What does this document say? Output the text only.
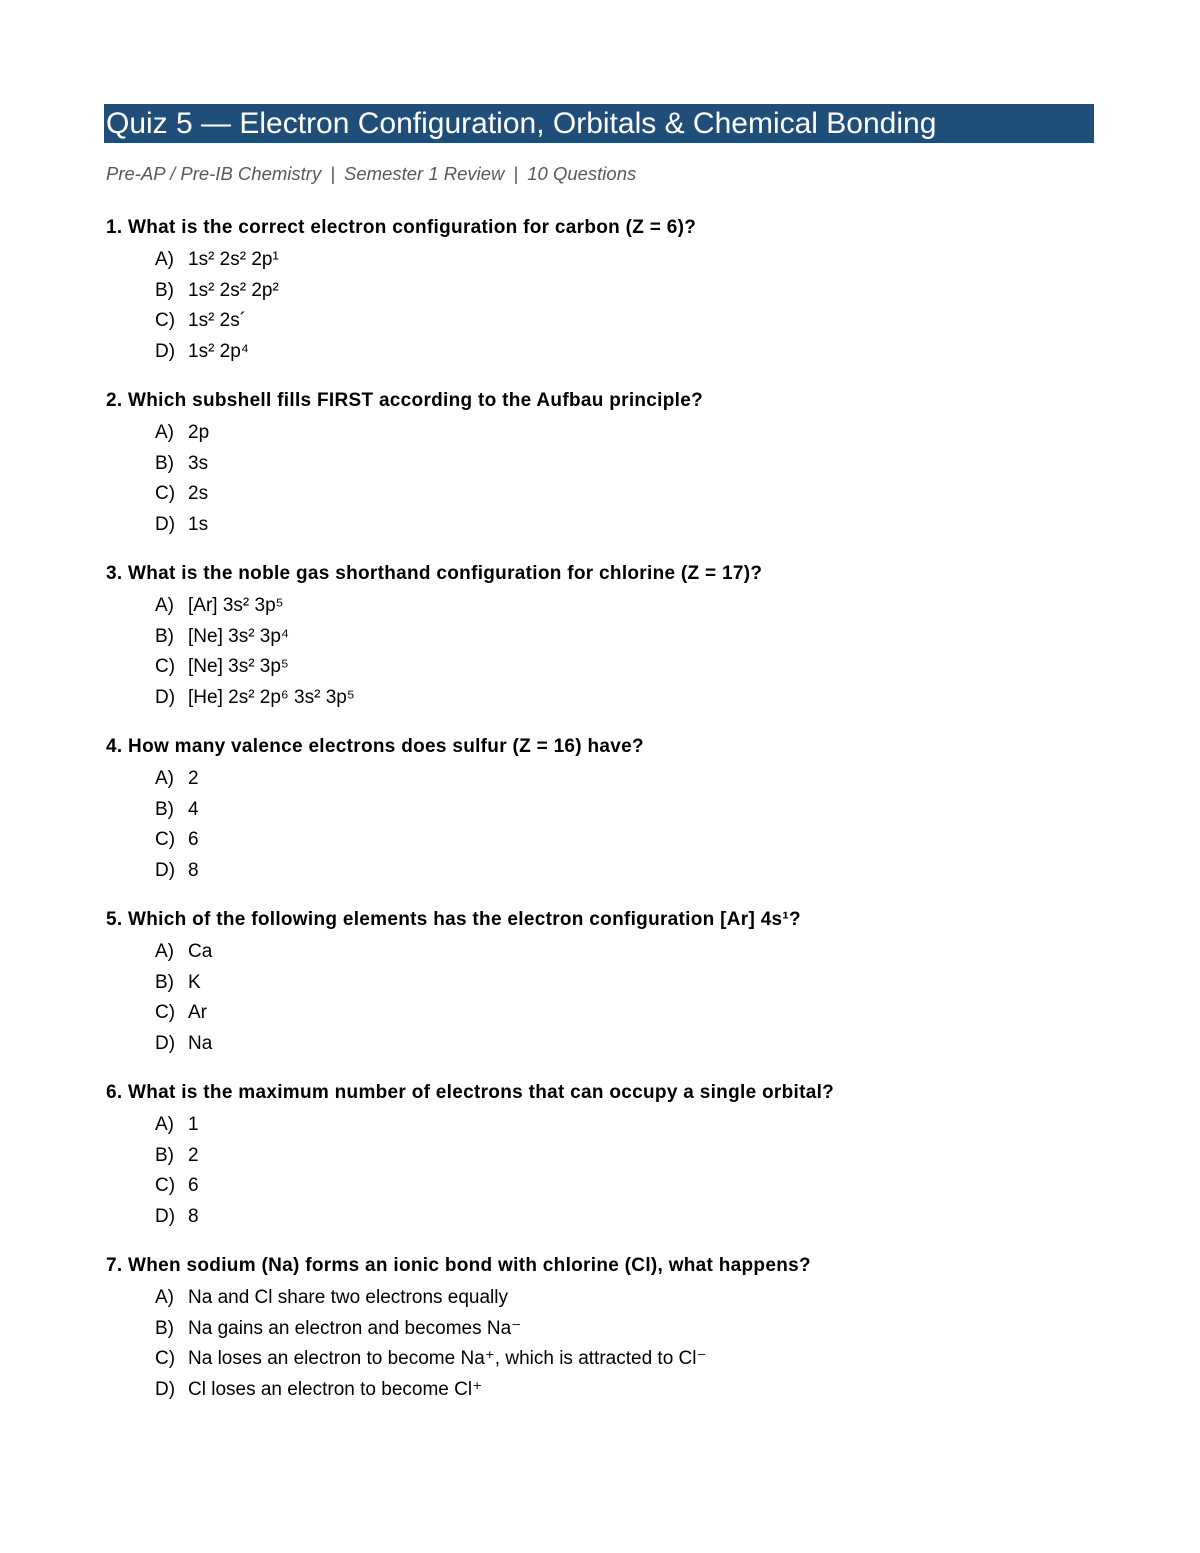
Quiz 5 — Electron Configuration, Orbitals & Chemical Bonding
Pre-AP / Pre-IB Chemistry | Semester 1 Review | 10 Questions
1. What is the correct electron configuration for carbon (Z = 6)?
A) 1s² 2s² 2p¹
B) 1s² 2s² 2p²
C) 1s² 2s´
D) 1s² 2p⁴
2. Which subshell fills FIRST according to the Aufbau principle?
A) 2p
B) 3s
C) 2s
D) 1s
3. What is the noble gas shorthand configuration for chlorine (Z = 17)?
A) [Ar] 3s² 3p⁵
B) [Ne] 3s² 3p⁴
C) [Ne] 3s² 3p⁵
D) [He] 2s² 2p⁶ 3s² 3p⁵
4. How many valence electrons does sulfur (Z = 16) have?
A) 2
B) 4
C) 6
D) 8
5. Which of the following elements has the electron configuration [Ar] 4s¹?
A) Ca
B) K
C) Ar
D) Na
6. What is the maximum number of electrons that can occupy a single orbital?
A) 1
B) 2
C) 6
D) 8
7. When sodium (Na) forms an ionic bond with chlorine (Cl), what happens?
A) Na and Cl share two electrons equally
B) Na gains an electron and becomes Na⁻
C) Na loses an electron to become Na⁺, which is attracted to Cl⁻
D) Cl loses an electron to become Cl⁺
